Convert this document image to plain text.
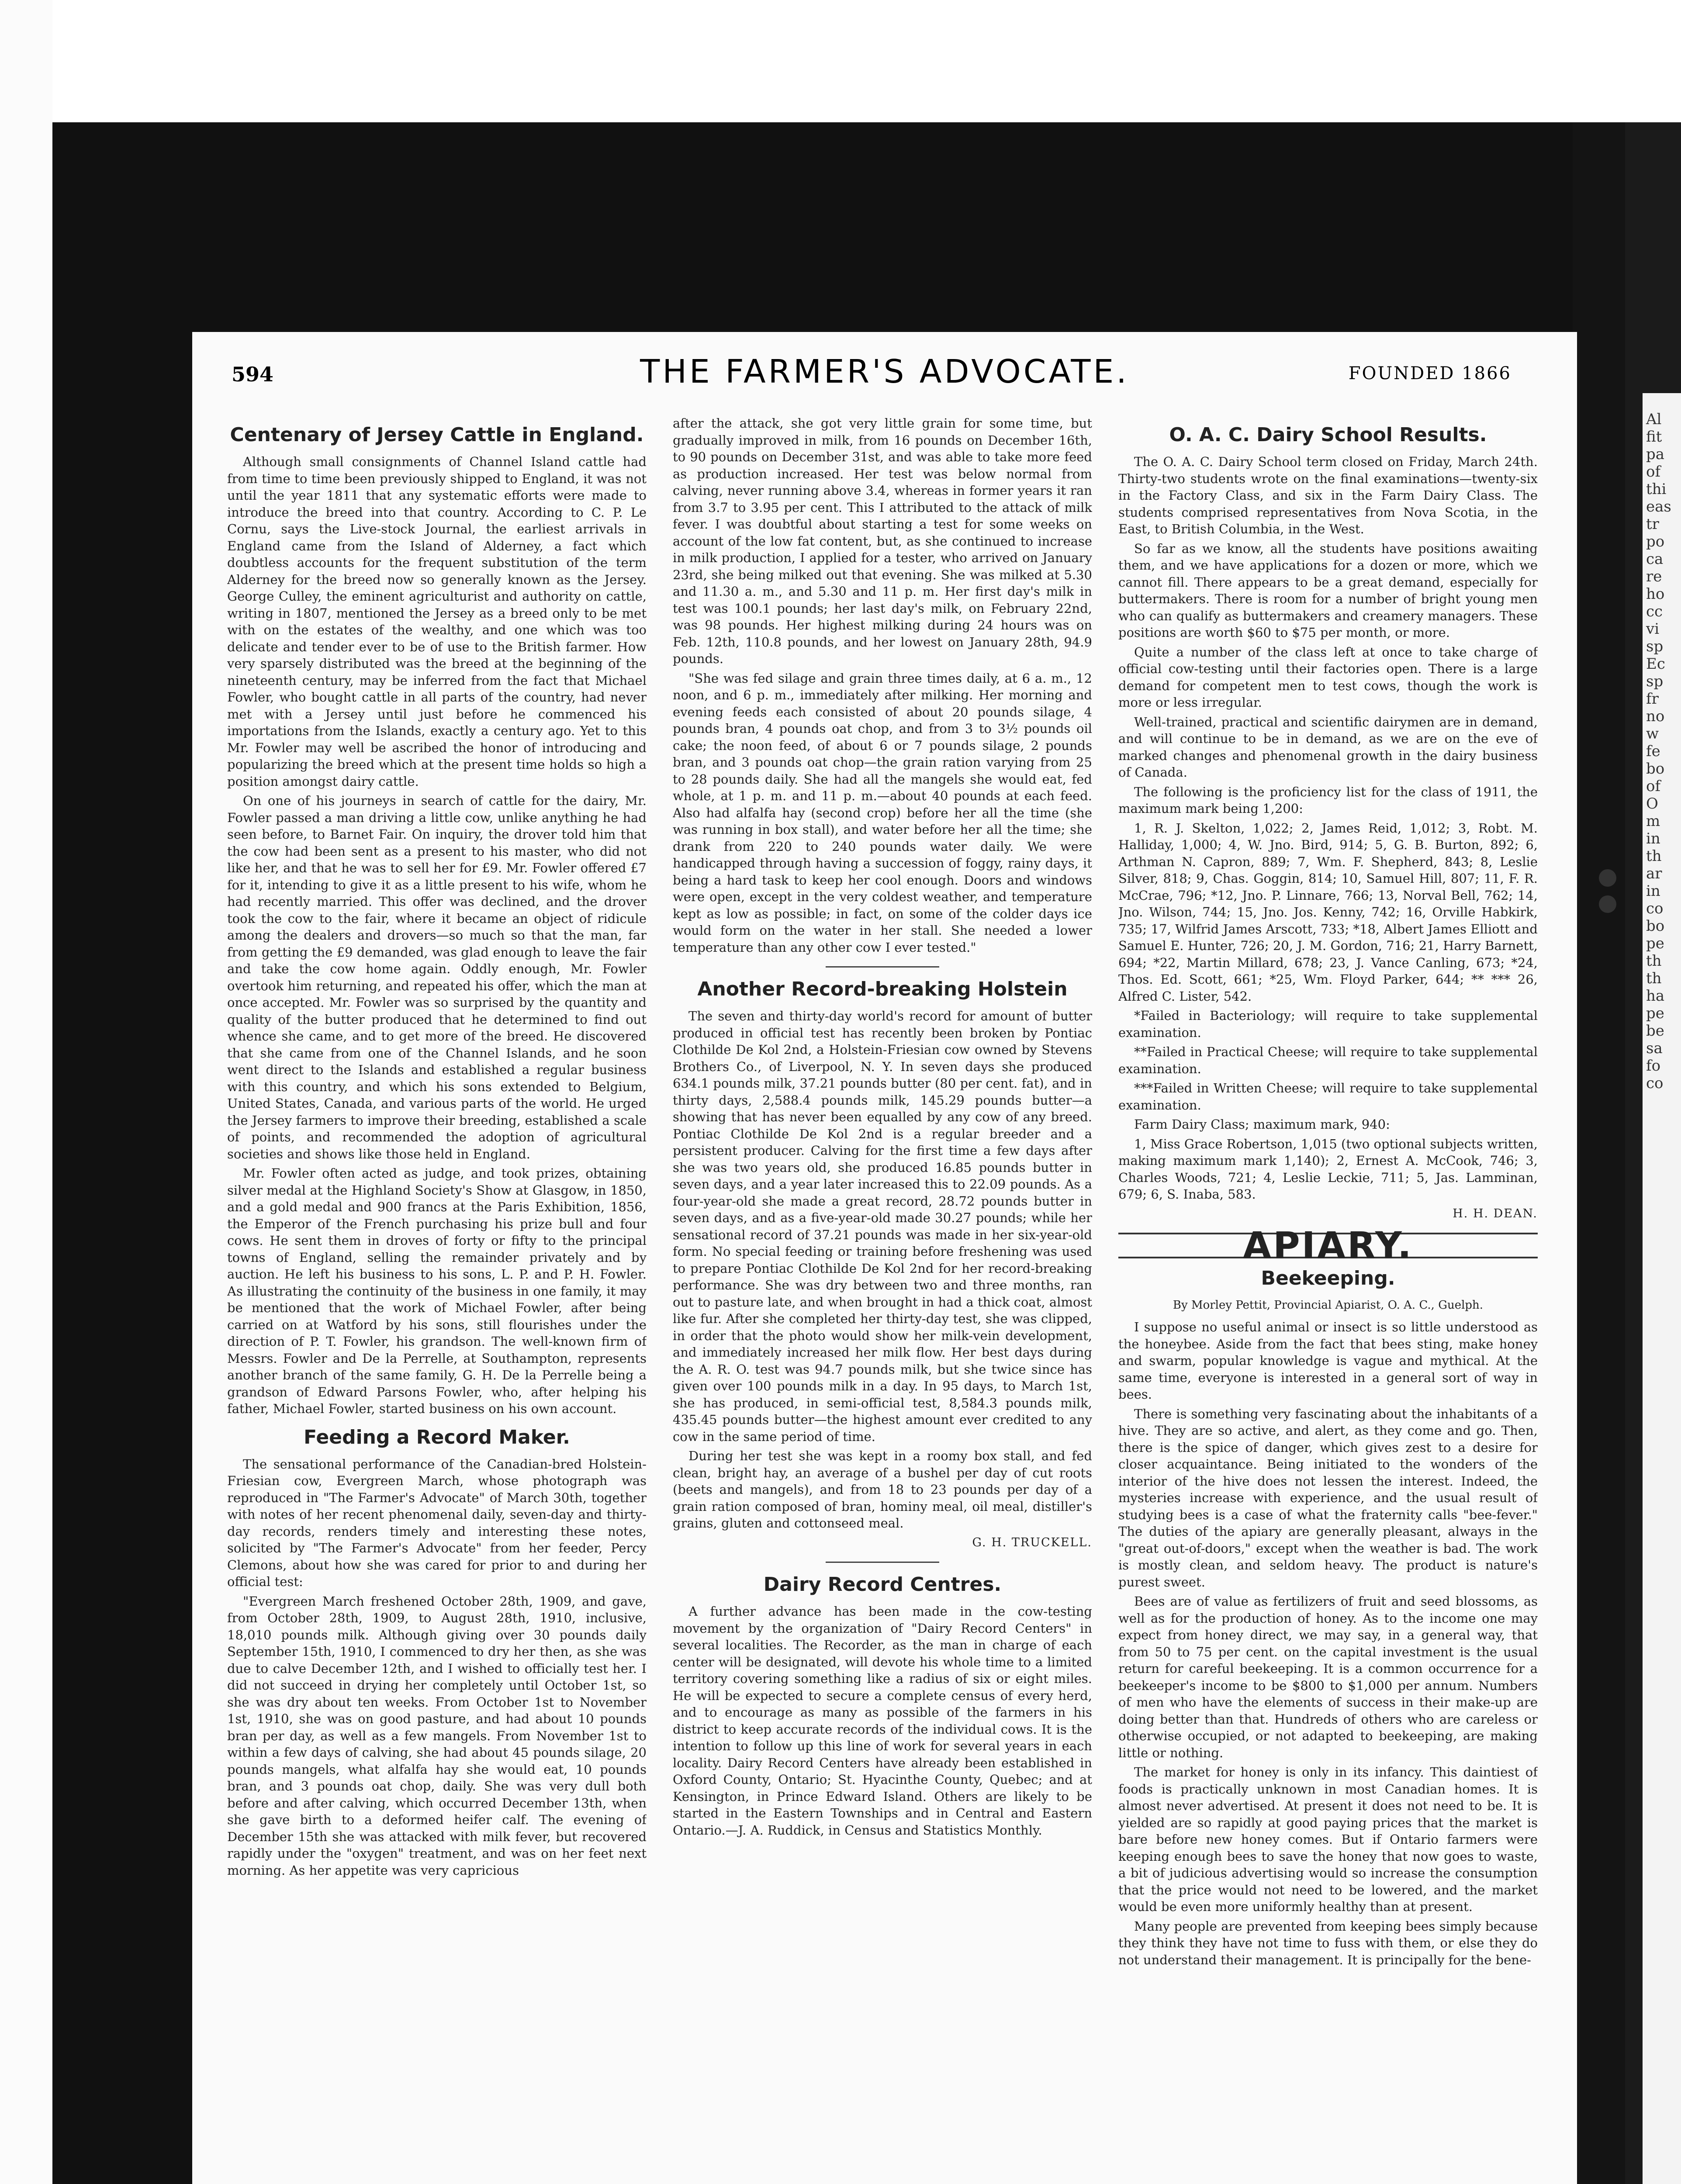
Al fit pa of thi eas tr po ca re ho cc vi sp Ec sp fr no w fe bo of O m in th ar in co bo pe th th ha pe be sa fo co
594	THE FARMER'S ADVOCATE.	FOUNDED 1866
Centenary of Jersey Cattle in England.

Although small consignments of Channel Island cattle had from time to time been previously shipped to England, it was not until the year 1811 that any systematic efforts were made to introduce the breed into that country. According to C. P. Le Cornu, says the Live-stock Journal, the earliest arrivals in England came from the Island of Alderney, a fact which doubtless accounts for the frequent substitution of the term Alderney for the breed now so generally known as the Jersey. George Culley, the eminent agriculturist and authority on cattle, writing in 1807, mentioned the Jersey as a breed only to be met with on the estates of the wealthy, and one which was too delicate and tender ever to be of use to the British farmer. How very sparsely distributed was the breed at the beginning of the nineteenth century, may be inferred from the fact that Michael Fowler, who bought cattle in all parts of the country, had never met with a Jersey until just before he commenced his importations from the Islands, exactly a century ago. Yet to this Mr. Fowler may well be ascribed the honor of introducing and popularizing the breed which at the present time holds so high a position amongst dairy cattle.

On one of his journeys in search of cattle for the dairy, Mr. Fowler passed a man driving a little cow, unlike anything he had seen before, to Barnet Fair. On inquiry, the drover told him that the cow had been sent as a present to his master, who did not like her, and that he was to sell her for £9. Mr. Fowler offered £7 for it, intending to give it as a little present to his wife, whom he had recently married. This offer was declined, and the drover took the cow to the fair, where it became an object of ridicule among the dealers and drovers—so much so that the man, far from getting the £9 demanded, was glad enough to leave the fair and take the cow home again. Oddly enough, Mr. Fowler overtook him returning, and repeated his offer, which the man at once accepted. Mr. Fowler was so surprised by the quantity and quality of the butter produced that he determined to find out whence she came, and to get more of the breed. He discovered that she came from one of the Channel Islands, and he soon went direct to the Islands and established a regular business with this country, and which his sons extended to Belgium, United States, Canada, and various parts of the world. He urged the Jersey farmers to improve their breeding, established a scale of points, and recommended the adoption of agricultural societies and shows like those held in England.

Mr. Fowler often acted as judge, and took prizes, obtaining silver medal at the Highland Society's Show at Glasgow, in 1850, and a gold medal and 900 francs at the Paris Exhibition, 1856, the Emperor of the French purchasing his prize bull and four cows. He sent them in droves of forty or fifty to the principal towns of England, selling the remainder privately and by auction. He left his business to his sons, L. P. and P. H. Fowler. As illustrating the continuity of the business in one family, it may be mentioned that the work of Michael Fowler, after being carried on at Watford by his sons, still flourishes under the direction of P. T. Fowler, his grandson. The well-known firm of Messrs. Fowler and De la Perrelle, at Southampton, represents another branch of the same family, G. H. De la Perrelle being a grandson of Edward Parsons Fowler, who, after helping his father, Michael Fowler, started business on his own account.

Feeding a Record Maker.

The sensational performance of the Canadian-bred Holstein-Friesian cow, Evergreen March, whose photograph was reproduced in "The Farmer's Advocate" of March 30th, together with notes of her recent phenomenal daily, seven-day and thirty-day records, renders timely and interesting these notes, solicited by "The Farmer's Advocate" from her feeder, Percy Clemons, about how she was cared for prior to and during her official test:

"Evergreen March freshened October 28th, 1909, and gave, from October 28th, 1909, to August 28th, 1910, inclusive, 18,010 pounds milk. Although giving over 30 pounds daily September 15th, 1910, I commenced to dry her then, as she was due to calve December 12th, and I wished to officially test her. I did not succeed in drying her completely until October 1st, so she was dry about ten weeks. From October 1st to November 1st, 1910, she was on good pasture, and had about 10 pounds bran per day, as well as a few mangels. From November 1st to within a few days of calving, she had about 45 pounds silage, 20 pounds mangels, what alfalfa hay she would eat, 10 pounds bran, and 3 pounds oat chop, daily. She was very dull both before and after calving, which occurred December 13th, when she gave birth to a deformed heifer calf. The evening of December 15th she was attacked with milk fever, but recovered rapidly under the "oxygen" treatment, and was on her feet next morning. As her appetite was very capricious

after the attack, she got very little grain for some time, but gradually improved in milk, from 16 pounds on December 16th, to 90 pounds on December 31st, and was able to take more feed as production increased. Her test was below normal from calving, never running above 3.4, whereas in former years it ran from 3.7 to 3.95 per cent. This I attributed to the attack of milk fever. I was doubtful about starting a test for some weeks on account of the low fat content, but, as she continued to increase in milk production, I applied for a tester, who arrived on January 23rd, she being milked out that evening. She was milked at 5.30 and 11.30 a. m., and 5.30 and 11 p. m. Her first day's milk in test was 100.1 pounds; her last day's milk, on February 22nd, was 98 pounds. Her highest milking during 24 hours was on Feb. 12th, 110.8 pounds, and her lowest on January 28th, 94.9 pounds.

"She was fed silage and grain three times daily, at 6 a. m., 12 noon, and 6 p. m., immediately after milking. Her morning and evening feeds each consisted of about 20 pounds silage, 4 pounds bran, 4 pounds oat chop, and from 3 to 3½ pounds oil cake; the noon feed, of about 6 or 7 pounds silage, 2 pounds bran, and 3 pounds oat chop—the grain ration varying from 25 to 28 pounds daily. She had all the mangels she would eat, fed whole, at 1 p. m. and 11 p. m.—about 40 pounds at each feed. Also had alfalfa hay (second crop) before her all the time (she was running in box stall), and water before her all the time; she drank from 220 to 240 pounds water daily. We were handicapped through having a succession of foggy, rainy days, it being a hard task to keep her cool enough. Doors and windows were open, except in the very coldest weather, and temperature kept as low as possible; in fact, on some of the colder days ice would form on the water in her stall. She needed a lower temperature than any other cow I ever tested."

Another Record-breaking Holstein

The seven and thirty-day world's record for amount of butter produced in official test has recently been broken by Pontiac Clothilde De Kol 2nd, a Holstein-Friesian cow owned by Stevens Brothers Co., of Liverpool, N. Y. In seven days she produced 634.1 pounds milk, 37.21 pounds butter (80 per cent. fat), and in thirty days, 2,588.4 pounds milk, 145.29 pounds butter—a showing that has never been equalled by any cow of any breed. Pontiac Clothilde De Kol 2nd is a regular breeder and a persistent producer. Calving for the first time a few days after she was two years old, she produced 16.85 pounds butter in seven days, and a year later increased this to 22.09 pounds. As a four-year-old she made a great record, 28.72 pounds butter in seven days, and as a five-year-old made 30.27 pounds; while her sensational record of 37.21 pounds was made in her six-year-old form. No special feeding or training before freshening was used to prepare Pontiac Clothilde De Kol 2nd for her record-breaking performance. She was dry between two and three months, ran out to pasture late, and when brought in had a thick coat, almost like fur. After she completed her thirty-day test, she was clipped, in order that the photo would show her milk-vein development, and immediately increased her milk flow. Her best days during the A. R. O. test was 94.7 pounds milk, but she twice since has given over 100 pounds milk in a day. In 95 days, to March 1st, she has produced, in semi-official test, 8,584.3 pounds milk, 435.45 pounds butter—the highest amount ever credited to any cow in the same period of time.

During her test she was kept in a roomy box stall, and fed clean, bright hay, an average of a bushel per day of cut roots (beets and mangels), and from 18 to 23 pounds per day of a grain ration composed of bran, hominy meal, oil meal, distiller's grains, gluten and cottonseed meal.

G. H. TRUCKELL.
Dairy Record Centres.

A further advance has been made in the cow-testing movement by the organization of "Dairy Record Centers" in several localities. The Recorder, as the man in charge of each center will be designated, will devote his whole time to a limited territory covering something like a radius of six or eight miles. He will be expected to secure a complete census of every herd, and to encourage as many as possible of the farmers in his district to keep accurate records of the individual cows. It is the intention to follow up this line of work for several years in each locality. Dairy Record Centers have already been established in Oxford County, Ontario; St. Hyacinthe County, Quebec; and at Kensington, in Prince Edward Island. Others are likely to be started in the Eastern Townships and in Central and Eastern Ontario.—J. A. Ruddick, in Census and Statistics Monthly.

O. A. C. Dairy School Results.

The O. A. C. Dairy School term closed on Friday, March 24th. Thirty-two students wrote on the final examinations—twenty-six in the Factory Class, and six in the Farm Dairy Class. The students comprised representatives from Nova Scotia, in the East, to British Columbia, in the West.

So far as we know, all the students have positions awaiting them, and we have applications for a dozen or more, which we cannot fill. There appears to be a great demand, especially for buttermakers. There is room for a number of bright young men who can qualify as buttermakers and creamery managers. These positions are worth $60 to $75 per month, or more.

Quite a number of the class left at once to take charge of official cow-testing until their factories open. There is a large demand for competent men to test cows, though the work is more or less irregular.

Well-trained, practical and scientific dairymen are in demand, and will continue to be in demand, as we are on the eve of marked changes and phenomenal growth in the dairy business of Canada.

The following is the proficiency list for the class of 1911, the maximum mark being 1,200:

1, R. J. Skelton, 1,022; 2, James Reid, 1,012; 3, Robt. M. Halliday, 1,000; 4, W. Jno. Bird, 914; 5, G. B. Burton, 892; 6, Arthman N. Capron, 889; 7, Wm. F. Shepherd, 843; 8, Leslie Silver, 818; 9, Chas. Goggin, 814; 10, Samuel Hill, 807; 11, F. R. McCrae, 796; *12, Jno. P. Linnare, 766; 13, Norval Bell, 762; 14, Jno. Wilson, 744; 15, Jno. Jos. Kenny, 742; 16, Orville Habkirk, 735; 17, Wilfrid James Arscott, 733; *18, Albert James Elliott and Samuel E. Hunter, 726; 20, J. M. Gordon, 716; 21, Harry Barnett, 694; *22, Martin Millard, 678; 23, J. Vance Canling, 673; *24, Thos. Ed. Scott, 661; *25, Wm. Floyd Parker, 644; ** *** 26, Alfred C. Lister, 542.

*Failed in Bacteriology; will require to take supplemental examination.

**Failed in Practical Cheese; will require to take supplemental examination.

***Failed in Written Cheese; will require to take supplemental examination.

Farm Dairy Class; maximum mark, 940:

1, Miss Grace Robertson, 1,015 (two optional subjects written, making maximum mark 1,140); 2, Ernest A. McCook, 746; 3, Charles Woods, 721; 4, Leslie Leckie, 711; 5, Jas. Lamminan, 679; 6, S. Inaba, 583.

H. H. DEAN.
APIARY.
Beekeeping.
By Morley Pettit, Provincial Apiarist, O. A. C., Guelph.

I suppose no useful animal or insect is so little understood as the honeybee. Aside from the fact that bees sting, make honey and swarm, popular knowledge is vague and mythical. At the same time, everyone is interested in a general sort of way in bees.

There is something very fascinating about the inhabitants of a hive. They are so active, and alert, as they come and go. Then, there is the spice of danger, which gives zest to a desire for closer acquaintance. Being initiated to the wonders of the interior of the hive does not lessen the interest. Indeed, the mysteries increase with experience, and the usual result of studying bees is a case of what the fraternity calls "bee-fever." The duties of the apiary are generally pleasant, always in the "great out-of-doors," except when the weather is bad. The work is mostly clean, and seldom heavy. The product is nature's purest sweet.

Bees are of value as fertilizers of fruit and seed blossoms, as well as for the production of honey. As to the income one may expect from honey direct, we may say, in a general way, that from 50 to 75 per cent. on the capital investment is the usual return for careful beekeeping. It is a common occurrence for a beekeeper's income to be $800 to $1,000 per annum. Numbers of men who have the elements of success in their make-up are doing better than that. Hundreds of others who are careless or otherwise occupied, or not adapted to beekeeping, are making little or nothing.

The market for honey is only in its infancy. This daintiest of foods is practically unknown in most Canadian homes. It is almost never advertised. At present it does not need to be. It is yielded are so rapidly at good paying prices that the market is bare before new honey comes. But if Ontario farmers were keeping enough bees to save the honey that now goes to waste, a bit of judicious advertising would so increase the consumption that the price would not need to be lowered, and the market would be even more uniformly healthy than at present.

Many people are prevented from keeping bees simply because they think they have not time to fuss with them, or else they do not understand their management. It is principally for the bene-
